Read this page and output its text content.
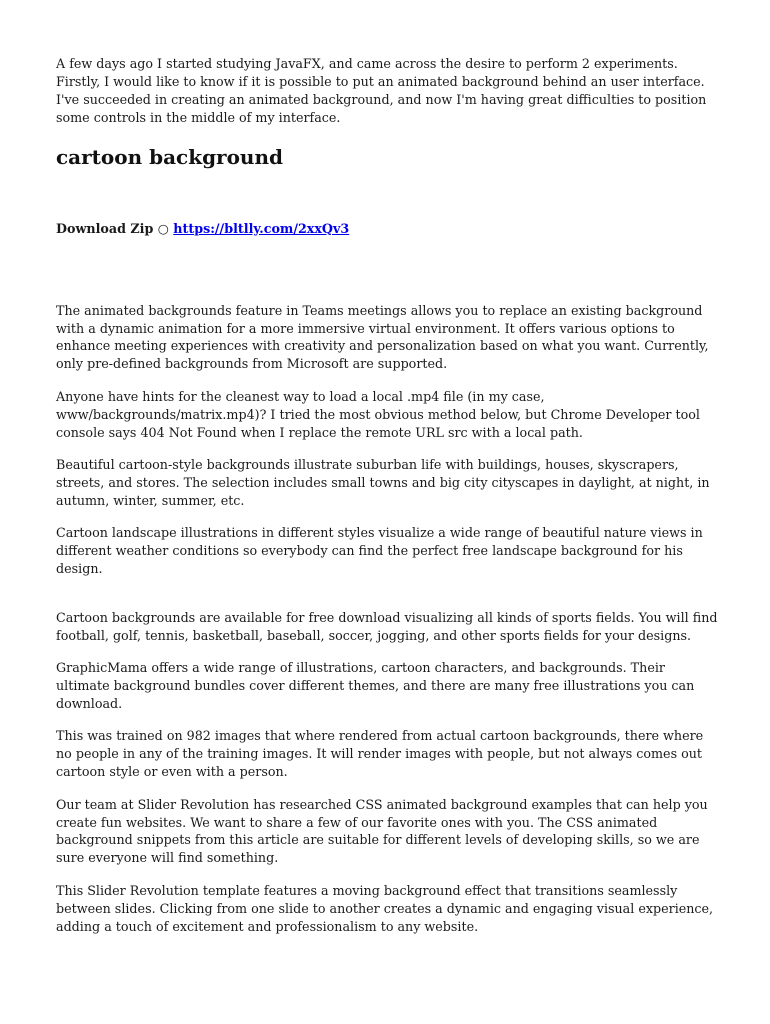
A few days ago I started studying JavaFX, and came across the desire to perform 2 experiments. Firstly, I would like to know if it is possible to put an animated background behind an user interface. I've succeeded in creating an animated background, and now I'm having great difficulties to position some controls in the middle of my interface.

cartoon background
Download Zip ○ https://bltlly.com/2xxQv3

The animated backgrounds feature in Teams meetings allows you to replace an existing background with a dynamic animation for a more immersive virtual environment. It offers various options to enhance meeting experiences with creativity and personalization based on what you want. Currently, only pre-defined backgrounds from Microsoft are supported.

Anyone have hints for the cleanest way to load a local .mp4 file (in my case, www/backgrounds/matrix.mp4)? I tried the most obvious method below, but Chrome Developer tool console says 404 Not Found when I replace the remote URL src with a local path.

Beautiful cartoon-style backgrounds illustrate suburban life with buildings, houses, skyscrapers, streets, and stores. The selection includes small towns and big city cityscapes in daylight, at night, in autumn, winter, summer, etc.

Cartoon landscape illustrations in different styles visualize a wide range of beautiful nature views in different weather conditions so everybody can find the perfect free landscape background for his design.

Cartoon backgrounds are available for free download visualizing all kinds of sports fields. You will find football, golf, tennis, basketball, baseball, soccer, jogging, and other sports fields for your designs.

GraphicMama offers a wide range of illustrations, cartoon characters, and backgrounds. Their ultimate background bundles cover different themes, and there are many free illustrations you can download.

This was trained on 982 images that where rendered from actual cartoon backgrounds, there where no people in any of the training images. It will render images with people, but not always comes out cartoon style or even with a person.

Our team at Slider Revolution has researched CSS animated background examples that can help you create fun websites. We want to share a few of our favorite ones with you. The CSS animated background snippets from this article are suitable for different levels of developing skills, so we are sure everyone will find something.

This Slider Revolution template features a moving background effect that transitions seamlessly between slides. Clicking from one slide to another creates a dynamic and engaging visual experience, adding a touch of excitement and professionalism to any website.
